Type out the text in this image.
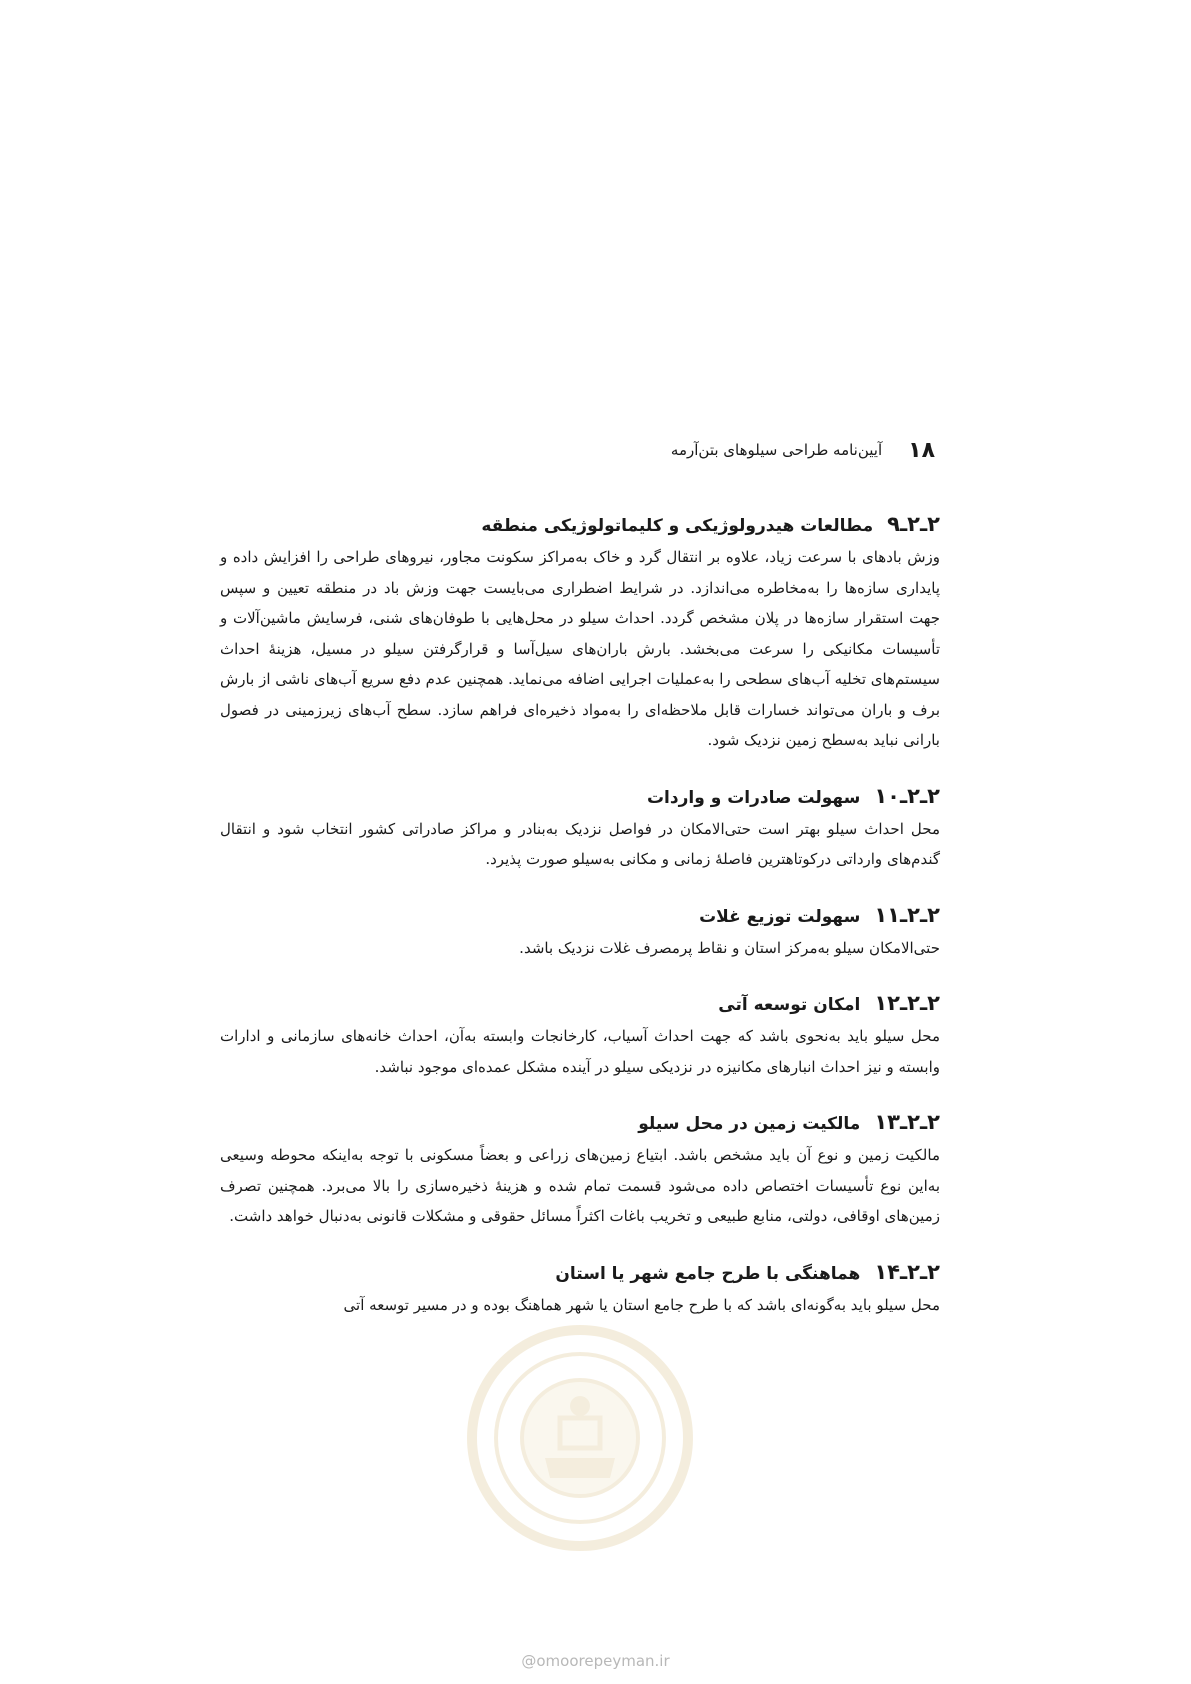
۱۸
آیین‌نامه طراحی سیلوهای بتن‌آرمه
۲ـ۲ـ۹
مطالعات هیدرولوژیکی و کلیماتولوژیکی منطقه

وزش بادهای با سرعت زیاد، علاوه بر انتقال گرد و خاک به‌مراکز سکونت مجاور، نیروهای طراحی را افزایش داده و پایداری سازه‌ها را به‌مخاطره می‌اندازد. در شرایط اضطراری می‌بایست جهت وزش باد در منطقه تعیین و سپس جهت استقرار سازه‌ها در پلان مشخص گردد. احداث سیلو در محل‌هایی با طوفان‌های شنی، فرسایش ماشین‌آلات و تأسیسات مکانیکی را سرعت می‌بخشد. بارش باران‌های سیل‌آسا و قرارگرفتن سیلو در مسیل، هزینهٔ احداث سیستم‌های تخلیه آب‌های سطحی را به‌عملیات اجرایی اضافه می‌نماید. همچنین عدم دفع سریع آب‌های ناشی از بارش برف و باران می‌تواند خسارات قابل ملاحظه‌ای را به‌مواد ذخیره‌ای فراهم سازد. سطح آب‌های زیرزمینی در فصول بارانی نباید به‌سطح زمین نزدیک شود.

۲ـ۲ـ۱۰
سهولت صادرات و واردات

محل احداث سیلو بهتر است حتی‌الامکان در فواصل نزدیک به‌بنادر و مراکز صادراتی کشور انتخاب شود و انتقال گندم‌های وارداتی درکوتاهترین فاصلهٔ زمانی و مکانی به‌سیلو صورت پذیرد.

۲ـ۲ـ۱۱
سهولت توزیع غلات

حتی‌الامکان سیلو به‌مرکز استان و نقاط پرمصرف غلات نزدیک باشد.

۲ـ۲ـ۱۲
امکان توسعه آتی

محل سیلو باید به‌نحوی باشد که جهت احداث آسیاب، کارخانجات وابسته به‌آن، احداث خانه‌های سازمانی و ادارات وابسته و نیز احداث انبارهای مکانیزه در نزدیکی سیلو در آینده مشکل عمده‌ای موجود نباشد.

۲ـ۲ـ۱۳
مالکیت زمین در محل سیلو

مالکیت زمین و نوع آن باید مشخص باشد. ابتیاع زمین‌های زراعی و بعضاً مسکونی با توجه به‌اینکه محوطه وسیعی به‌این نوع تأسیسات اختصاص داده می‌شود قسمت تمام شده و هزینهٔ ذخیره‌سازی را بالا می‌برد. همچنین تصرف زمین‌های اوقافی، دولتی، منابع طبیعی و تخریب باغات اکثراً مسائل حقوقی و مشکلات قانونی به‌دنبال خواهد داشت.

۲ـ۲ـ۱۴
هماهنگی با طرح جامع شهر یا استان

محل سیلو باید به‌گونه‌ای باشد که با طرح جامع استان یا شهر هماهنگ بوده و در مسیر توسعه آتی

@omoorepeyman.ir
